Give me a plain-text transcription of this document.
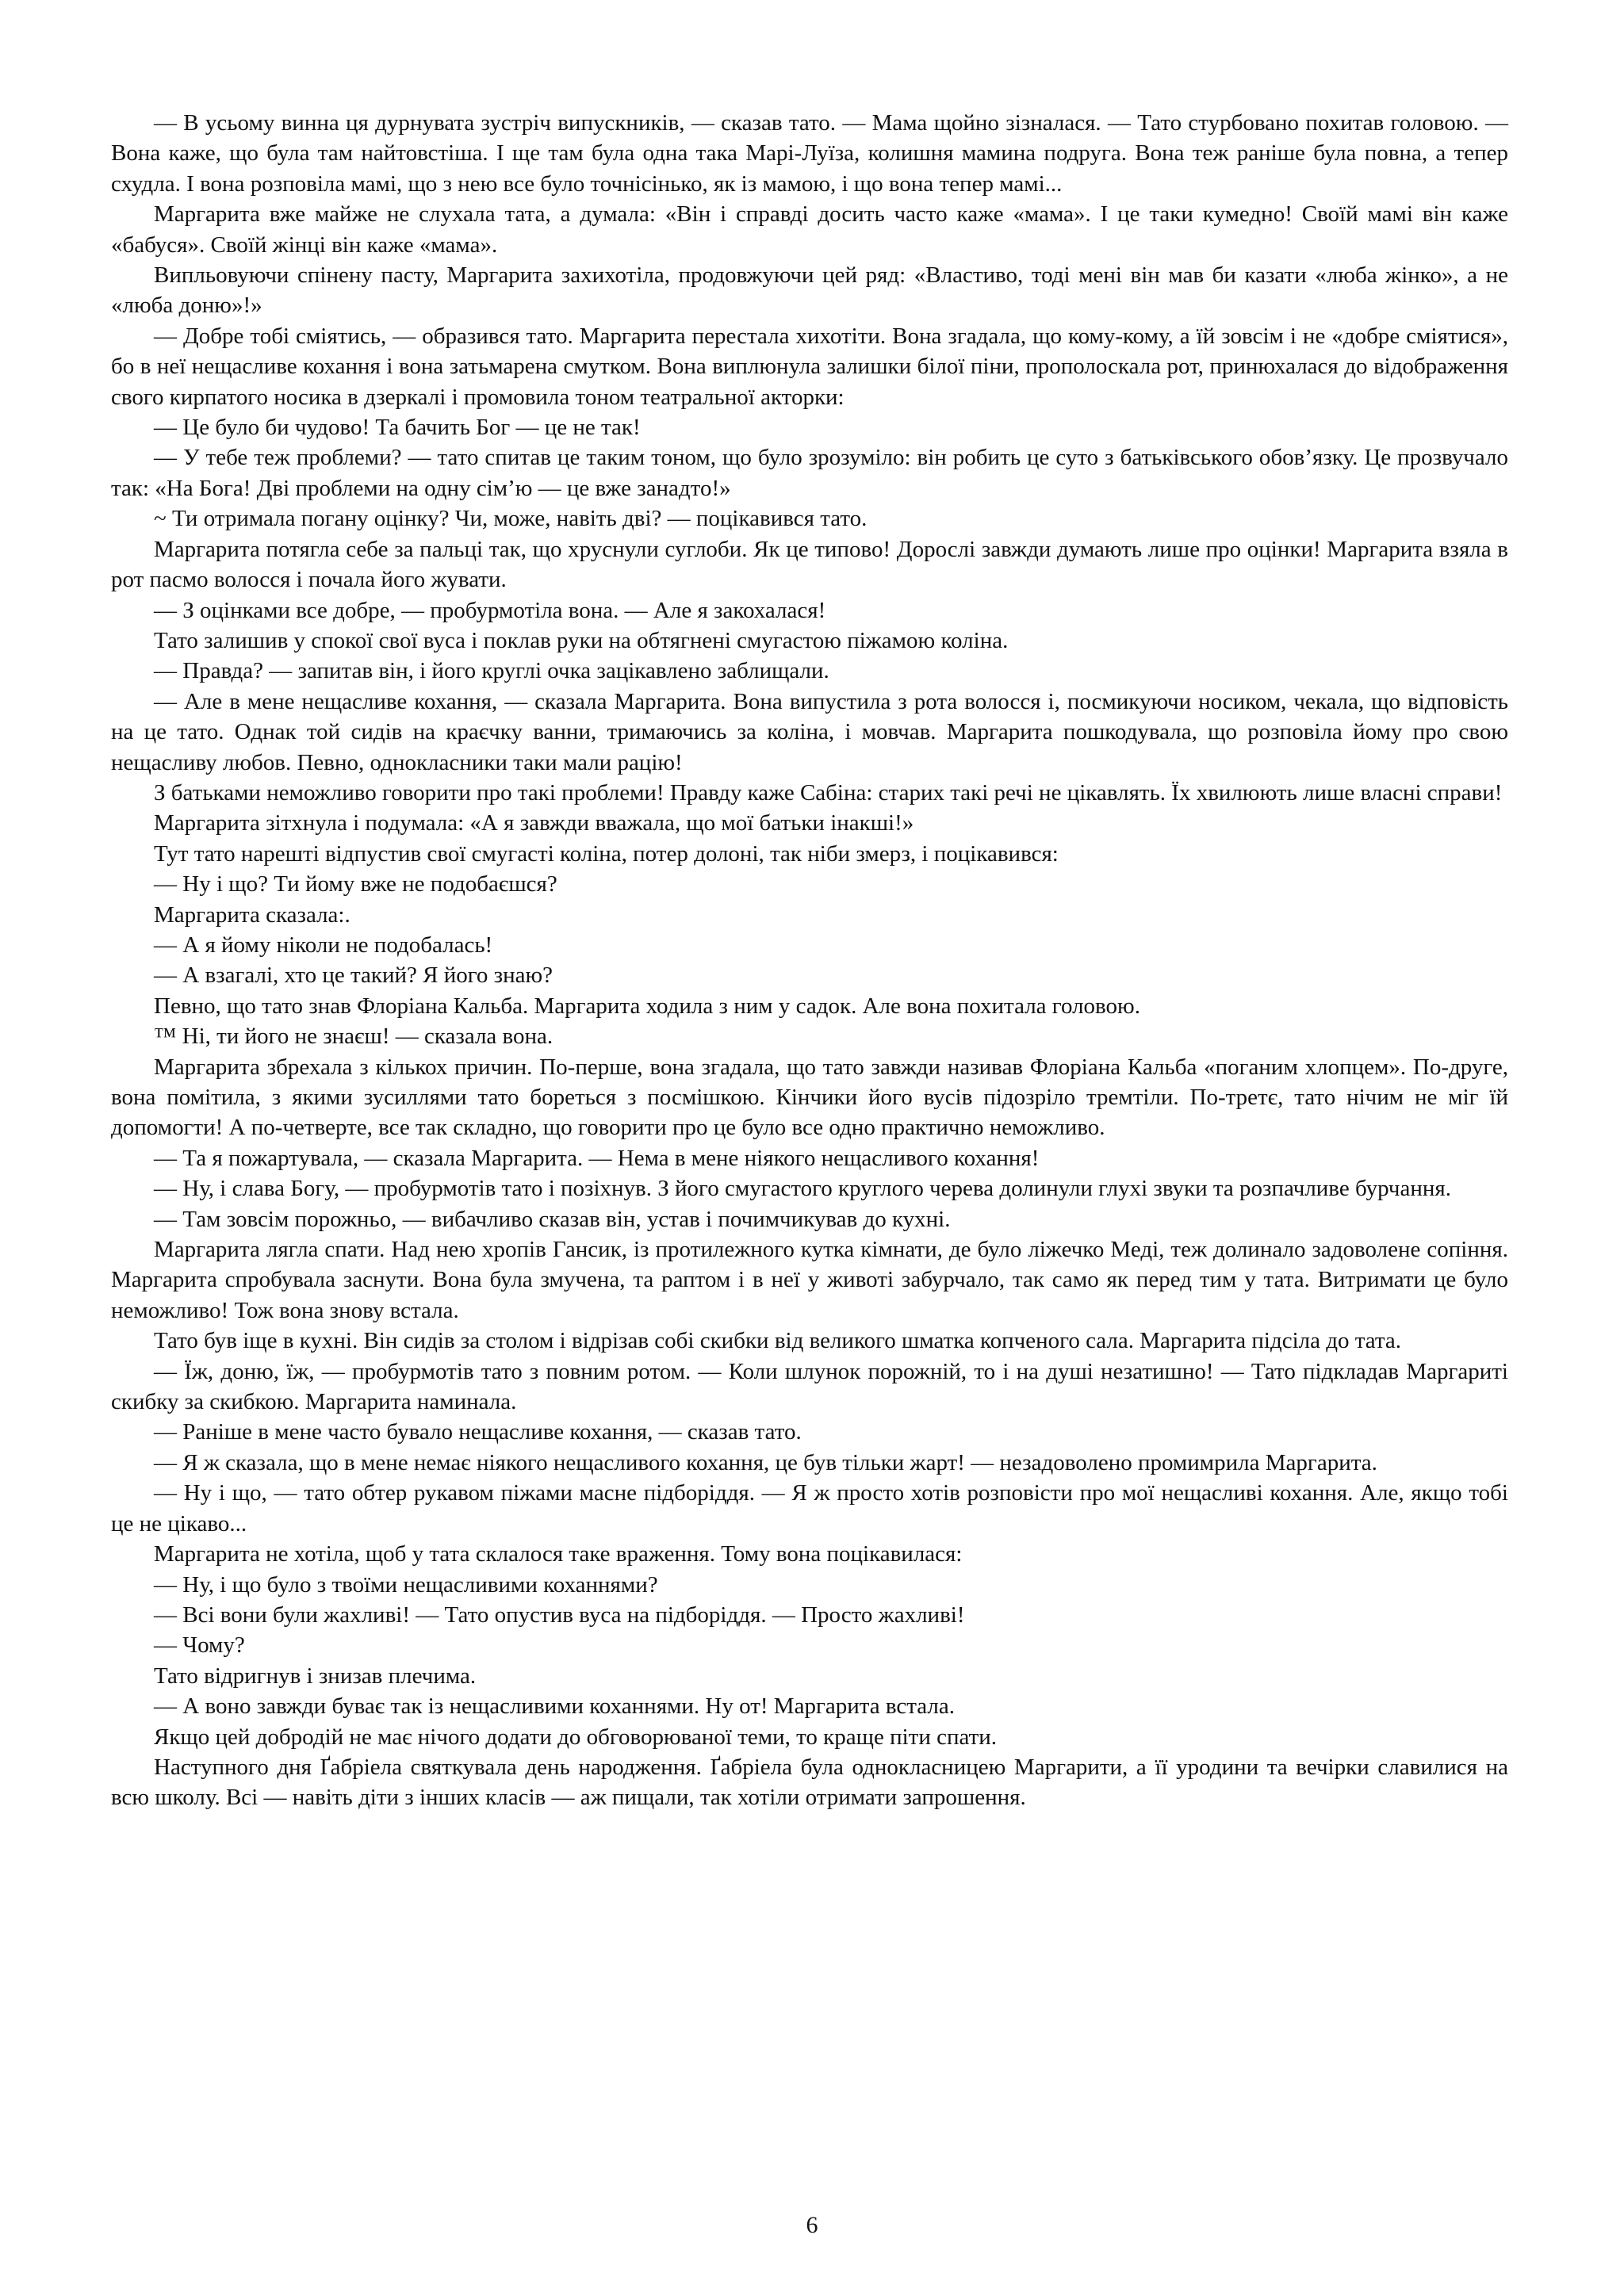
— В усьому винна ця дурнувата зустріч випускників, — сказав тато. — Мама щойно зізналася. — Тато стурбовано похитав головою. — Вона каже, що була там найтовстіша. І ще там була одна така Марі-Луїза, колишня мамина подруга. Вона теж раніше була повна, а тепер схудла. І вона розповіла мамі, що з нею все було точнісінько, як із мамою, і що вона тепер мамі...

Маргарита вже майже не слухала тата, а думала: «Він і справді досить часто каже «мама». І це таки кумедно! Своїй мамі він каже «бабуся». Своїй жінці він каже «мама».

Випльовуючи спінену пасту, Маргарита захихотіла, продовжуючи цей ряд: «Властиво, тоді мені він мав би казати «люба жінко», а не «люба доню»!»

— Добре тобі сміятись, — образився тато. Маргарита перестала хихотіти. Вона згадала, що кому-кому, а їй зовсім і не «добре сміятися», бо в неї нещасливе кохання і вона затьмарена смутком. Вона виплюнула залишки білої піни, прополоскала рот, принюхалася до відображення свого кирпатого носика в дзеркалі і промовила тоном театральної акторки:

— Це було би чудово! Та бачить Бог — це не так!

— У тебе теж проблеми? — тато спитав це таким тоном, що було зрозуміло: він робить це суто з батьківського обов’язку. Це прозвучало так: «На Бога! Дві проблеми на одну сім’ю — це вже занадто!»

~ Ти отримала погану оцінку? Чи, може, навіть дві? — поцікавився тато.

Маргарита потягла себе за пальці так, що хруснули суглоби. Як це типово! Дорослі завжди думають лише про оцінки! Маргарита взяла в рот пасмо волосся і почала його жувати.

— З оцінками все добре, — пробурмотіла вона. — Але я закохалася!

Тато залишив у спокої свої вуса і поклав руки на обтягнені смугастою піжамою коліна.

— Правда? — запитав він, і його круглі очка зацікавлено заблищали.

— Але в мене нещасливе кохання, — сказала Маргарита. Вона випустила з рота волосся і, посмикуючи носиком, чекала, що відповість на це тато. Однак той сидів на краєчку ванни, тримаючись за коліна, і мовчав. Маргарита пошкодувала, що розповіла йому про свою нещасливу любов. Певно, однокласники таки мали рацію!

З батьками неможливо говорити про такі проблеми! Правду каже Сабіна: старих такі речі не цікавлять. Їх хвилюють лише власні справи!

Маргарита зітхнула і подумала: «А я завжди вважала, що мої батьки інакші!»

Тут тато нарешті відпустив свої смугасті коліна, потер долоні, так ніби змерз, і поцікавився:

— Ну і що? Ти йому вже не подобаєшся?

Маргарита сказала:.

— А я йому ніколи не подобалась!

— А взагалі, хто це такий? Я його знаю?

Певно, що тато знав Флоріана Кальба. Маргарита ходила з ним у садок. Але вона похитала головою.

™ Ні, ти його не знаєш! — сказала вона.

Маргарита збрехала з кількох причин. По-перше, вона згадала, що тато завжди називав Флоріана Кальба «поганим хлопцем». По-друге, вона помітила, з якими зусиллями тато бореться з посмішкою. Кінчики його вусів підозріло тремтіли. По-третє, тато нічим не міг їй допомогти! А по-четверте, все так складно, що говорити про це було все одно практично неможливо.

— Та я пожартувала, — сказала Маргарита. — Нема в мене ніякого нещасливого кохання!

— Ну, і слава Богу, — пробурмотів тато і позіхнув. З його смугастого круглого черева долинули глухі звуки та розпачливе бурчання.

— Там зовсім порожньо, — вибачливо сказав він, устав і почимчикував до кухні.

Маргарита лягла спати. Над нею хропів Гансик, із протилежного кутка кімнати, де було ліжечко Меді, теж долинало задоволене сопіння. Маргарита спробувала заснути. Вона була змучена, та раптом і в неї у животі забурчало, так само як перед тим у тата. Витримати це було неможливо! Тож вона знову встала.

Тато був іще в кухні. Він сидів за столом і відрізав собі скибки від великого шматка копченого сала. Маргарита підсіла до тата.

— Їж, доню, їж, — пробурмотів тато з повним ротом. — Коли шлунок порожній, то і на душі незатишно! — Тато підкладав Маргариті скибку за скибкою. Маргарита наминала.

— Раніше в мене часто бувало нещасливе кохання, — сказав тато.

— Я ж сказала, що в мене немає ніякого нещасливого кохання, це був тільки жарт! — незадоволено промимрила Маргарита.

— Ну і що, — тато обтер рукавом піжами масне підборіддя. — Я ж просто хотів розповісти про мої нещасливі кохання. Але, якщо тобі це не цікаво...

Маргарита не хотіла, щоб у тата склалося таке враження. Тому вона поцікавилася:

— Ну, і що було з твоїми нещасливими коханнями?

— Всі вони були жахливі! — Тато опустив вуса на підборіддя. — Просто жахливі!

— Чому?

Тато відригнув і знизав плечима.

— А воно завжди буває так із нещасливими коханнями. Ну от! Маргарита встала.

Якщо цей добродій не має нічого додати до обговорюваної теми, то краще піти спати.

Наступного дня Ґабріела святкувала день народження. Ґабріела була однокласницею Маргарити, а її уродини та вечірки славилися на всю школу. Всі — навіть діти з інших класів — аж пищали, так хотіли отримати запрошення.

6
